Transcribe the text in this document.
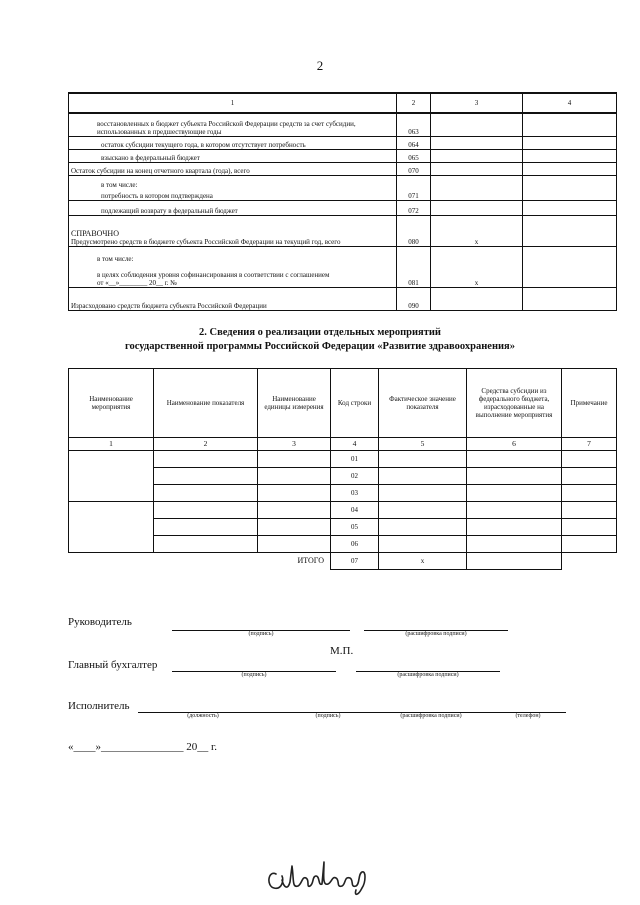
2
1	2	3	4
восстановленных в бюджет субъекта Российской Федерации средств за счет субсидии, использованных в предшествующие годы	063		
остаток субсидии текущего года, в котором отсутствует потребность	064		
взыскано в федеральный бюджет	065		
Остаток субсидии на конец отчетного квартала (года), всего	070		

в том числе:
потребность в котором подтверждена	071		
подлежащий возврату в федеральный бюджет	072		

СПРАВОЧНО
Предусмотрено средств в бюджете субъекта Российской Федерации на текущий год, всего	080	x	

в том числе:
в целях соблюдения уровня софинансирования в соответствии с соглашением
от «__»________ 20__ г. №	081	x	
Израсходовано средств бюджета субъекта Российской Федерации	090		
2. Сведения о реализации отдельных мероприятий
государственной программы Российской Федерации «Развитие здравоохранения»
Наименование мероприятия	Наименование показателя	Наименование единицы измерения	Код строки	Фактическое значение показателя	Средства субсидии из федерального бюджета, израсходованные на выполнение мероприятия	Примечание
1	2	3	4	5	6	7
			01			
			02			
			03			
			04			
			05			
			06			
		ИТОГО	07	x		
Руководитель
(подпись)	(расшифровка подписи)
М.П.
Главный бухгалтер
(подпись)	(расшифровка подписи)
Исполнитель
(должность)	(подпись)	(расшифровка подписи)	(телефон)
«____»_______________ 20__ г.
